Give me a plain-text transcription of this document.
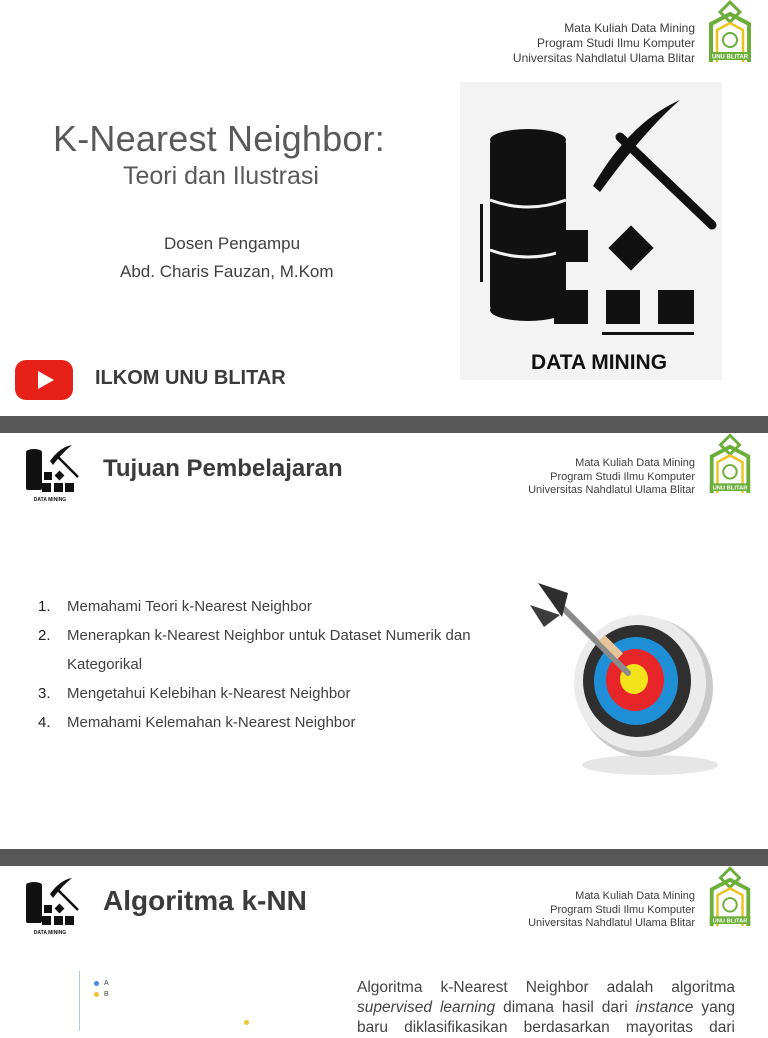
Mata Kuliah Data Mining
Program Studi Ilmu Komputer
Universitas Nahdlatul Ulama Blitar	UNU BLITAR
K-Nearest Neighbor:
Teori dan Ilustrasi
Dosen Pengampu
Abd. Charis Fauzan, M.Kom
ILKOM UNU BLITAR
DATA MINING
DATA MINING
Tujuan Pembelajaran	Mata Kuliah Data Mining
Program Studi Ilmu Komputer
Universitas Nahdlatul Ulama Blitar	UNU BLITAR
1. Memahami Teori k-Nearest Neighbor
2. Menerapkan k-Nearest Neighbor untuk Dataset Numerik dan Kategorikal
3. Mengetahui Kelebihan k-Nearest Neighbor
4. Memahami Kelemahan k-Nearest Neighbor
DATA MINING
Algoritma k-NN	Mata Kuliah Data Mining
Program Studi Ilmu Komputer
Universitas Nahdlatul Ulama Blitar	UNU BLITAR
A
B	Algoritma k-Nearest Neighbor adalah algoritma
supervised learning dimana hasil dari instance yang
baru diklasifikasikan berdasarkan mayoritas dari
